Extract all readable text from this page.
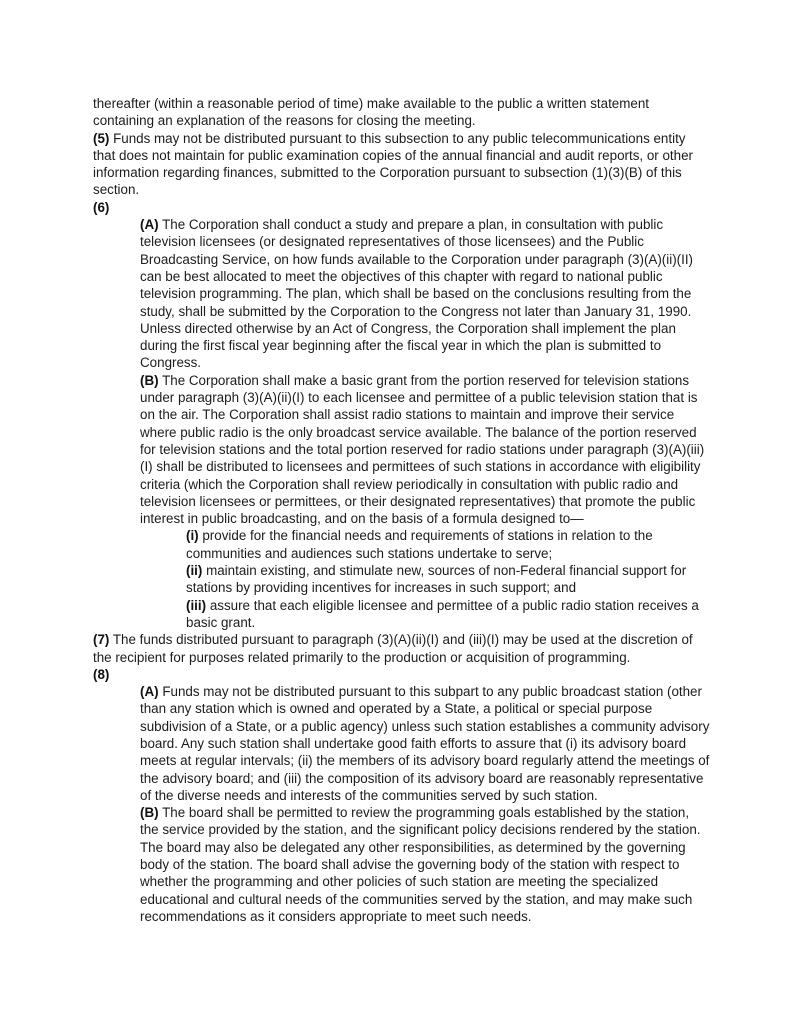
thereafter (within a reasonable period of time) make available to the public a written statement containing an explanation of the reasons for closing the meeting.

(5) Funds may not be distributed pursuant to this subsection to any public telecommunications entity that does not maintain for public examination copies of the annual financial and audit reports, or other information regarding finances, submitted to the Corporation pursuant to subsection (1)(3)(B) of this section.

(6)

(A) The Corporation shall conduct a study and prepare a plan, in consultation with public television licensees (or designated representatives of those licensees) and the Public Broadcasting Service, on how funds available to the Corporation under paragraph (3)(A)(ii)(II) can be best allocated to meet the objectives of this chapter with regard to national public television programming. The plan, which shall be based on the conclusions resulting from the study, shall be submitted by the Corporation to the Congress not later than January 31, 1990. Unless directed otherwise by an Act of Congress, the Corporation shall implement the plan during the first fiscal year beginning after the fiscal year in which the plan is submitted to Congress.

(B) The Corporation shall make a basic grant from the portion reserved for television stations under paragraph (3)(A)(ii)(I) to each licensee and permittee of a public television station that is on the air. The Corporation shall assist radio stations to maintain and improve their service where public radio is the only broadcast service available. The balance of the portion reserved for television stations and the total portion reserved for radio stations under paragraph (3)(A)(iii)(I) shall be distributed to licensees and permittees of such stations in accordance with eligibility criteria (which the Corporation shall review periodically in consultation with public radio and television licensees or permittees, or their designated representatives) that promote the public interest in public broadcasting, and on the basis of a formula designed to—

(i) provide for the financial needs and requirements of stations in relation to the communities and audiences such stations undertake to serve;

(ii) maintain existing, and stimulate new, sources of non-Federal financial support for stations by providing incentives for increases in such support; and

(iii) assure that each eligible licensee and permittee of a public radio station receives a basic grant.

(7) The funds distributed pursuant to paragraph (3)(A)(ii)(I) and (iii)(I) may be used at the discretion of the recipient for purposes related primarily to the production or acquisition of programming.

(8)

(A) Funds may not be distributed pursuant to this subpart to any public broadcast station (other than any station which is owned and operated by a State, a political or special purpose subdivision of a State, or a public agency) unless such station establishes a community advisory board. Any such station shall undertake good faith efforts to assure that (i) its advisory board meets at regular intervals; (ii) the members of its advisory board regularly attend the meetings of the advisory board; and (iii) the composition of its advisory board are reasonably representative of the diverse needs and interests of the communities served by such station.

(B) The board shall be permitted to review the programming goals established by the station, the service provided by the station, and the significant policy decisions rendered by the station. The board may also be delegated any other responsibilities, as determined by the governing body of the station. The board shall advise the governing body of the station with respect to whether the programming and other policies of such station are meeting the specialized educational and cultural needs of the communities served by the station, and may make such recommendations as it considers appropriate to meet such needs.
